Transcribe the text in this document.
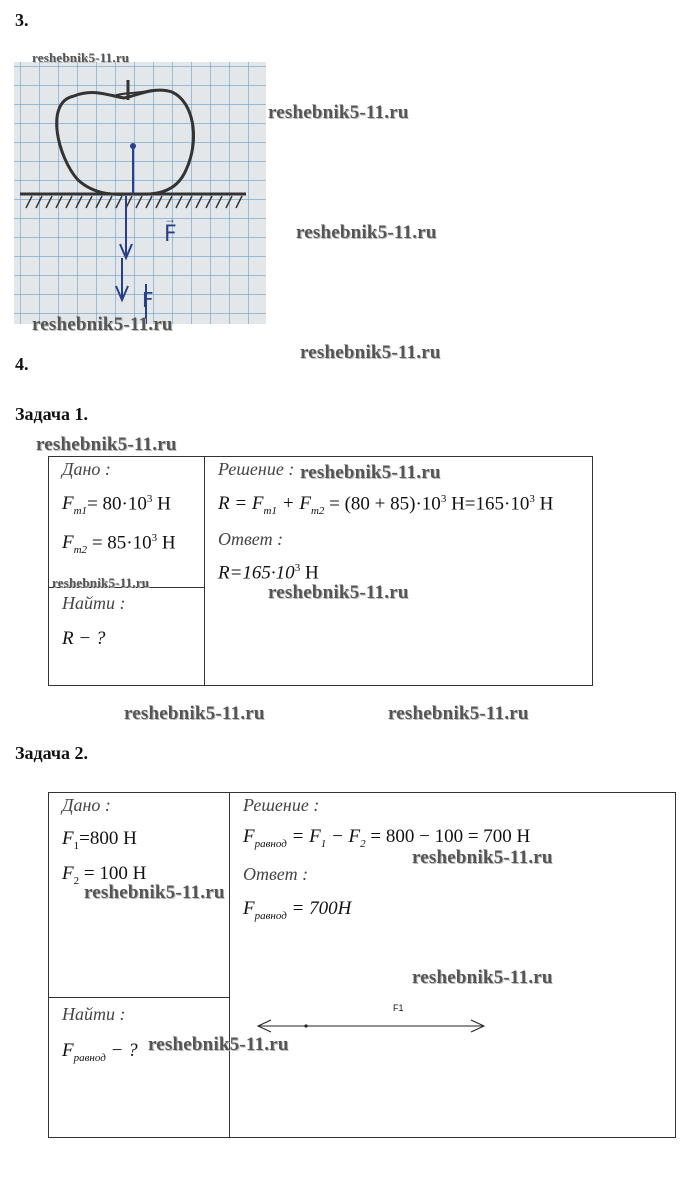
3.
F
→
F
reshebnik5-11.ru
reshebnik5-11.ru
reshebnik5-11.ru
reshebnik5-11.ru
4.
reshebnik5-11.ru
Задача 1.
reshebnik5-11.ru
Дано :
$F_{m1}= 80\cdot 10^3$ Н
$F_{m2} = 85\cdot 10^3$ Н
reshebnik5-11.ru
Найти :
R − ?
Решение : reshebnik5-11.ru
$R = F_{m1} + F_{m2} = (80 + 85)\cdot 10^3$ $Н=165\cdot 10^3$ Н
Ответ :
$R=165\cdot 10^3$ Н
reshebnik5-11.ru
reshebnik5-11.ru	reshebnik5-11.ru
Задача 2.
Дано :
$F_1=800$ Н
$F_2 = 100$ Н
reshebnik5-11.ru
Найти :
$F_{равнод}$ − ? reshebnik5-11.ru
Решение :
$F_{равнод} = F_1 - F_2 = 800 - 100 = 700$ Н
reshebnik5-11.ru
Ответ :
$F_{равнод} = 700Н$
reshebnik5-11.ru
F1
